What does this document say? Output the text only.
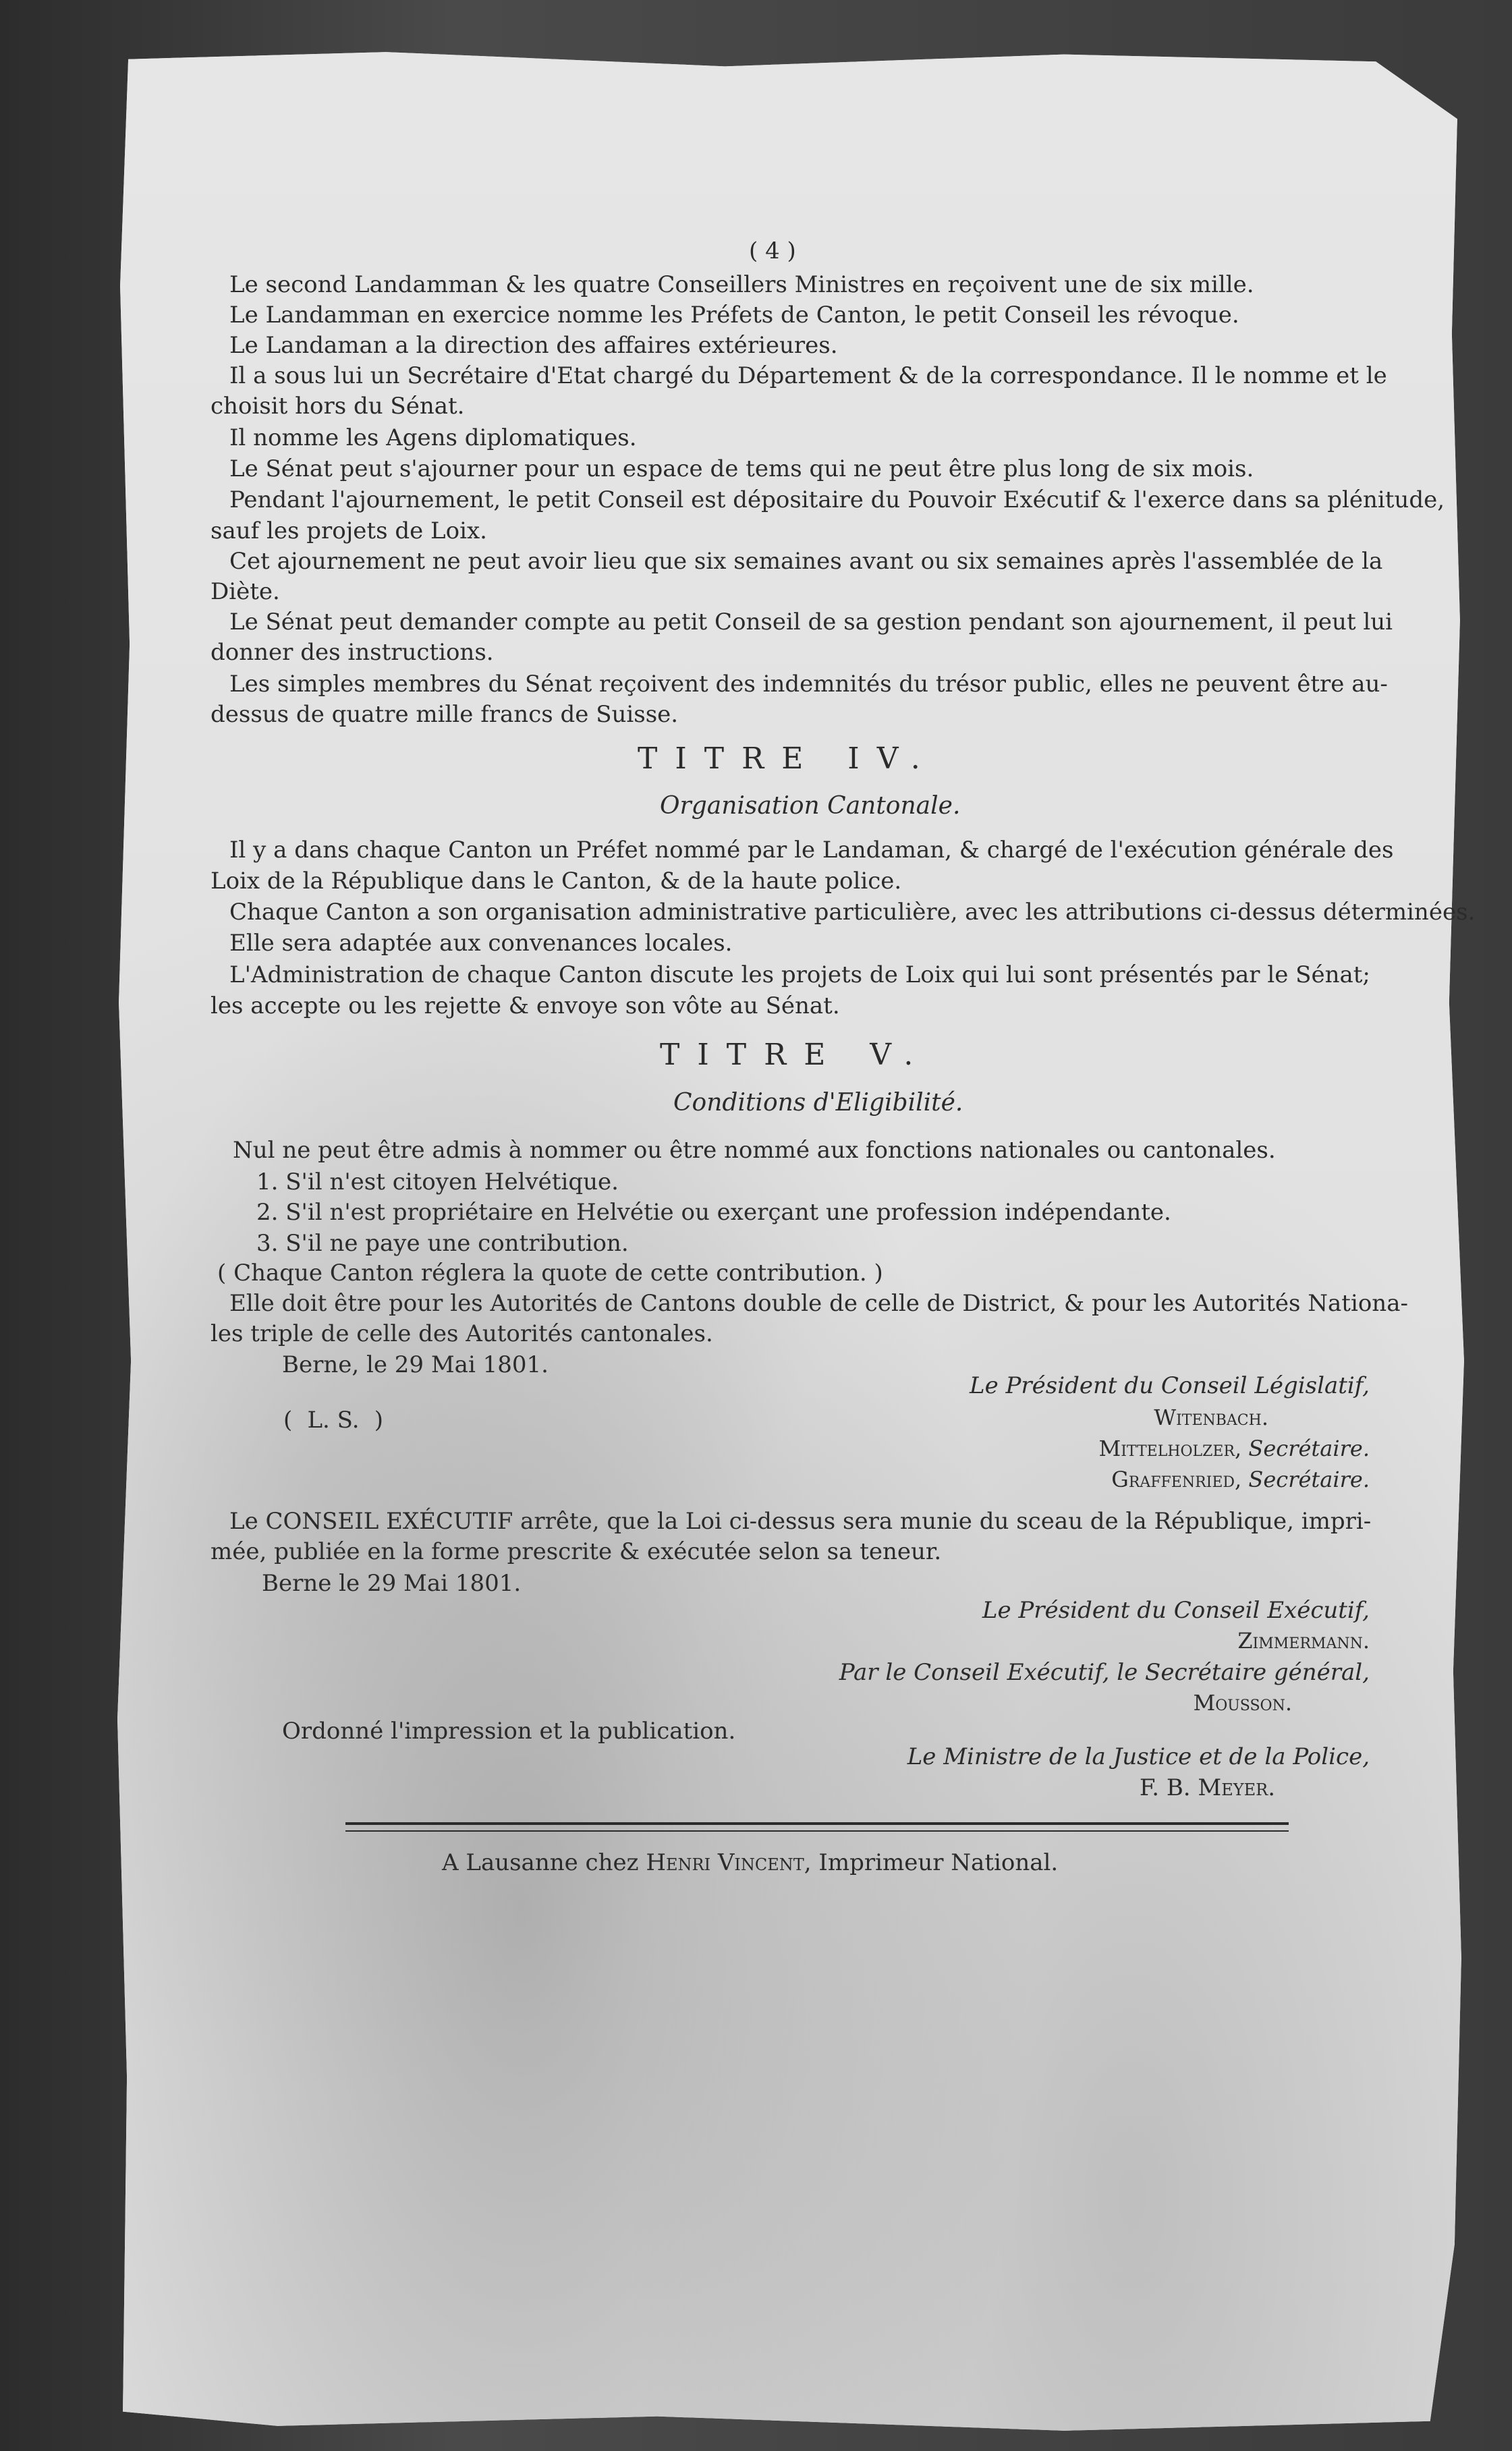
( 4 )

Le second Landamman & les quatre Conseillers Ministres en reçoivent une de six mille.

Le Landamman en exercice nomme les Préfets de Canton, le petit Conseil les révoque.

Le Landaman a la direction des affaires extérieures.

Il a sous lui un Secrétaire d'Etat chargé du Département & de la correspondance. Il le nomme et le

choisit hors du Sénat.

Il nomme les Agens diplomatiques.

Le Sénat peut s'ajourner pour un espace de tems qui ne peut être plus long de six mois.

Pendant l'ajournement, le petit Conseil est dépositaire du Pouvoir Exécutif & l'exerce dans sa plénitude,

sauf les projets de Loix.

Cet ajournement ne peut avoir lieu que six semaines avant ou six semaines après l'assemblée de la

Diète.

Le Sénat peut demander compte au petit Conseil de sa gestion pendant son ajournement, il peut lui

donner des instructions.

Les simples membres du Sénat reçoivent des indemnités du trésor public, elles ne peuvent être au-

dessus de quatre mille francs de Suisse.

TITRE IV.

Organisation Cantonale.

Il y a dans chaque Canton un Préfet nommé par le Landaman, & chargé de l'exécution générale des

Loix de la République dans le Canton, & de la haute police.

Chaque Canton a son organisation administrative particulière, avec les attributions ci-dessus déterminées.

Elle sera adaptée aux convenances locales.

L'Administration de chaque Canton discute les projets de Loix qui lui sont présentés par le Sénat;

les accepte ou les rejette & envoye son vôte au Sénat.

TITRE V.

Conditions d'Eligibilité.

Nul ne peut être admis à nommer ou être nommé aux fonctions nationales ou cantonales.

1. S'il n'est citoyen Helvétique.

2. S'il n'est propriétaire en Helvétie ou exerçant une profession indépendante.

3. S'il ne paye une contribution.

( Chaque Canton réglera la quote de cette contribution. )

Elle doit être pour les Autorités de Cantons double de celle de District, & pour les Autorités Nationa-

les triple de celle des Autorités cantonales.

Berne, le 29 Mai 1801.

( L. S. )

Le Président du Conseil Législatif,

Witenbach.

Mittelholzer, Secrétaire.

Graffenried, Secrétaire.

Le CONSEIL EXÉCUTIF arrête, que la Loi ci-dessus sera munie du sceau de la République, impri-

mée, publiée en la forme prescrite & exécutée selon sa teneur.

Berne le 29 Mai 1801.

Le Président du Conseil Exécutif,

Zimmermann.

Par le Conseil Exécutif, le Secrétaire général,

Mousson.

Ordonné l'impression et la publication.

Le Ministre de la Justice et de la Police,

F. B. Meyer.

A Lausanne chez Henri Vincent, Imprimeur National.
